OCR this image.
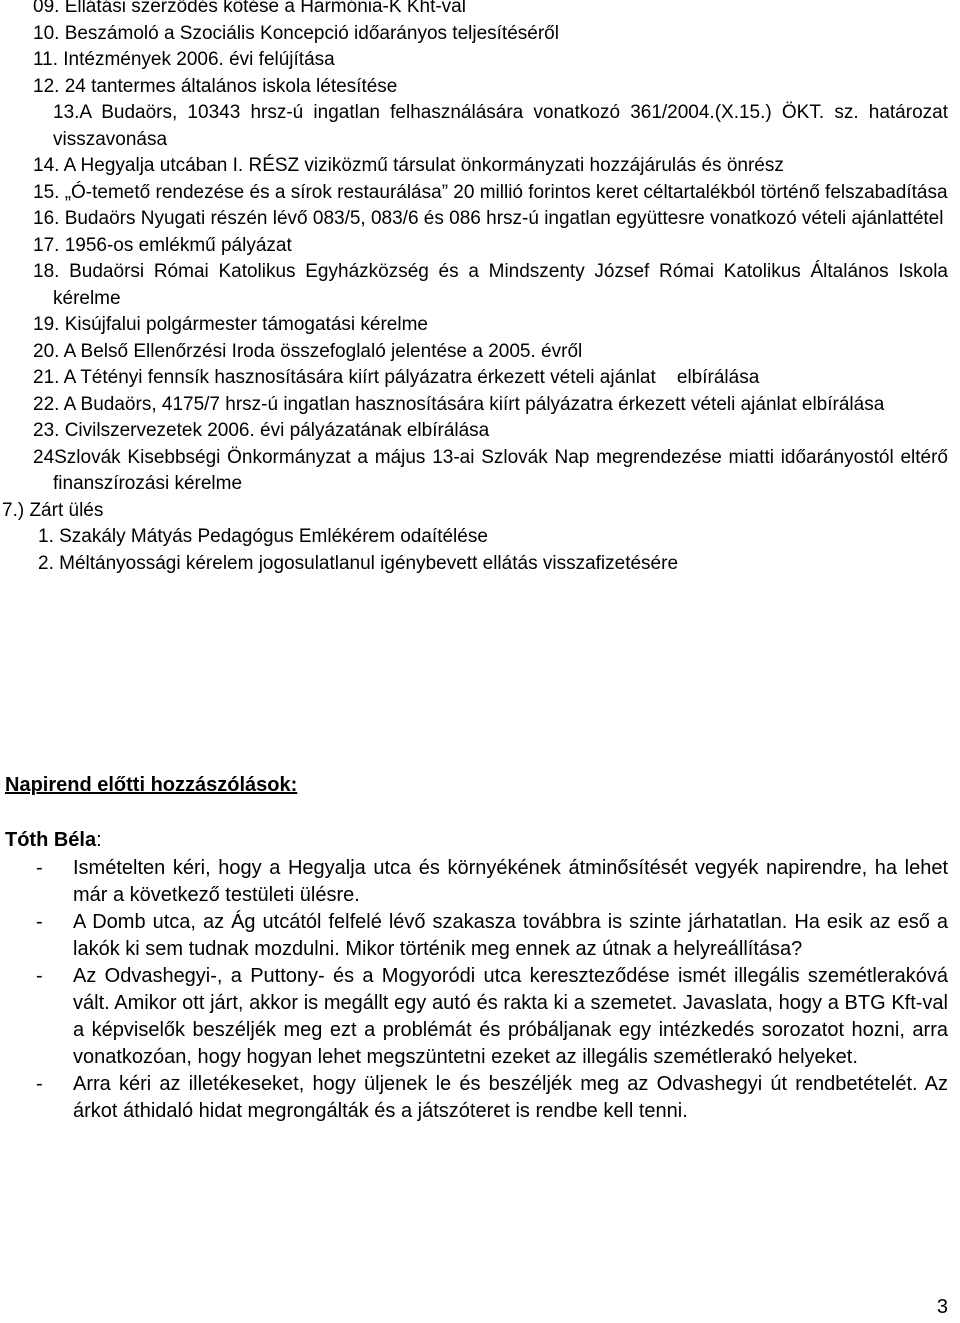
09. Ellátási szerződés kötése a Harmónia-K Kht-val
10. Beszámoló a Szociális Koncepció időarányos teljesítéséről
11. Intézmények 2006. évi felújítása
12. 24 tantermes általános iskola létesítése
13.A Budaörs, 10343 hrsz-ú ingatlan felhasználására vonatkozó 361/2004.(X.15.) ÖKT. sz. határozat visszavonása
14. A Hegyalja utcában I. RÉSZ viziközmű társulat önkormányzati hozzájárulás és önrész
15. „Ó-temető rendezése és a sírok restaurálása” 20 millió forintos keret céltartalékból történő felszabadítása
16. Budaörs Nyugati részén lévő 083/5, 083/6 és 086 hrsz-ú ingatlan együttesre vonatkozó vételi ajánlattétel
17. 1956-os emlékmű pályázat
18. Budaörsi Római Katolikus Egyházközség és a Mindszenty József Római Katolikus Általános Iskola kérelme
19. Kisújfalui polgármester támogatási kérelme
20. A Belső Ellenőrzési Iroda összefoglaló jelentése a 2005. évről
21. A Tétényi fennsík hasznosítására kiírt pályázatra érkezett vételi ajánlat    elbírálása
22. A Budaörs, 4175/7 hrsz-ú ingatlan hasznosítására kiírt pályázatra érkezett vételi ajánlat elbírálása
23. Civilszervezetek 2006. évi pályázatának elbírálása
24Szlovák Kisebbségi Önkormányzat a május 13-ai Szlovák Nap megrendezése miatti időarányostól eltérő finanszírozási kérelme
7.) Zárt ülés
1. Szakály Mátyás Pedagógus Emlékérem odaítélése
2. Méltányossági kérelem jogosulatlanul igénybevett ellátás visszafizetésére
Napirend előtti hozzászólások:
Tóth Béla:
- Ismételten kéri, hogy a Hegyalja utca és környékének átminősítését vegyék napirendre, ha lehet már a következő testületi ülésre.
- A Domb utca, az Ág utcától felfelé lévő szakasza továbbra is szinte járhatatlan. Ha esik az eső a lakók ki sem tudnak mozdulni. Mikor történik meg ennek az útnak a helyreállítása?
- Az Odvashegyi-, a Puttony- és a Mogyoródi utca kereszteződése ismét illegális szemétlerakóvá vált. Amikor ott járt, akkor is megállt egy autó és rakta ki a szemetet. Javaslata, hogy a BTG Kft-val a képviselők beszéljék meg ezt a problémát és próbáljanak egy intézkedés sorozatot hozni, arra vonatkozóan, hogy hogyan lehet megszüntetni ezeket az illegális szemétlerakó helyeket.
- Arra kéri az illetékeseket, hogy üljenek le és beszéljék meg az Odvashegyi út rendbetételét. Az árkot áthidaló hidat megrongálták és a játszóteret is rendbe kell tenni.
3
